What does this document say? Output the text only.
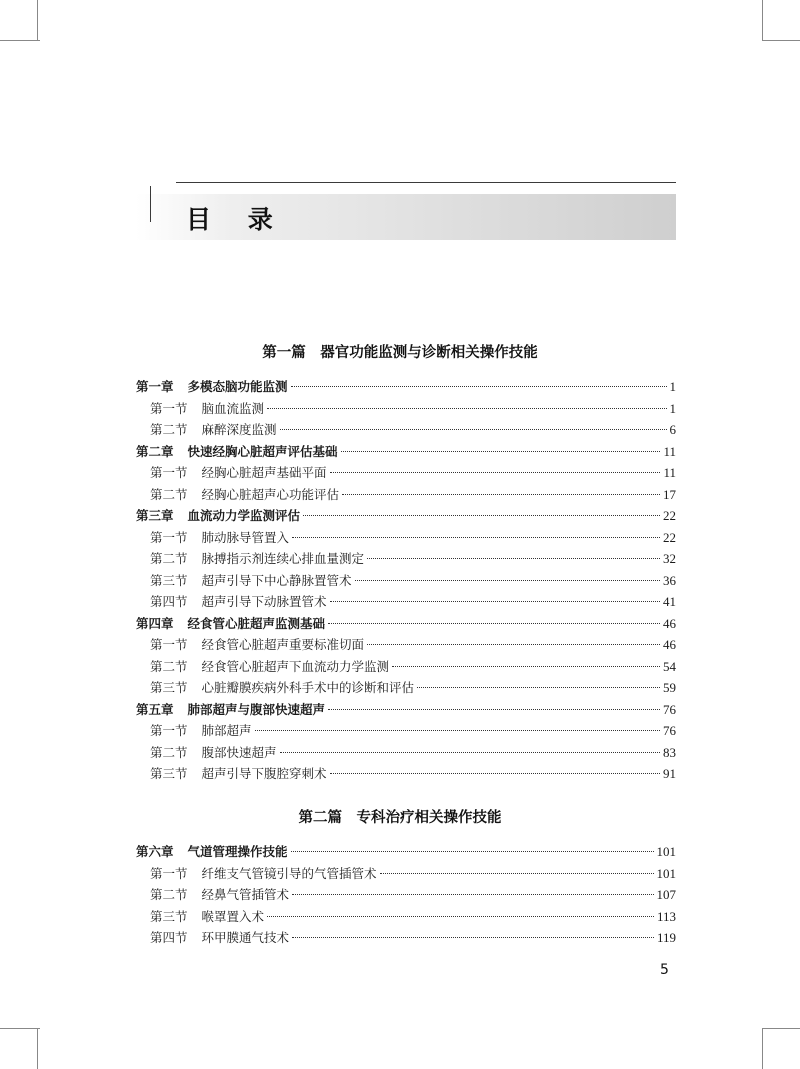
目 录
第一篇　器官功能监测与诊断相关操作技能
第一章 多模态脑功能监测	1
第一节 脑血流监测	1
第二节 麻醉深度监测	6
第二章 快速经胸心脏超声评估基础	11
第一节 经胸心脏超声基础平面	11
第二节 经胸心脏超声心功能评估	17
第三章 血流动力学监测评估	22
第一节 肺动脉导管置入	22
第二节 脉搏指示剂连续心排血量测定	32
第三节 超声引导下中心静脉置管术	36
第四节 超声引导下动脉置管术	41
第四章 经食管心脏超声监测基础	46
第一节 经食管心脏超声重要标准切面	46
第二节 经食管心脏超声下血流动力学监测	54
第三节 心脏瓣膜疾病外科手术中的诊断和评估	59
第五章 肺部超声与腹部快速超声	76
第一节 肺部超声	76
第二节 腹部快速超声	83
第三节 超声引导下腹腔穿刺术	91
第二篇　专科治疗相关操作技能
第六章 气道管理操作技能	101
第一节 纤维支气管镜引导的气管插管术	101
第二节 经鼻气管插管术	107
第三节 喉罩置入术	113
第四节 环甲膜通气技术	119
5
